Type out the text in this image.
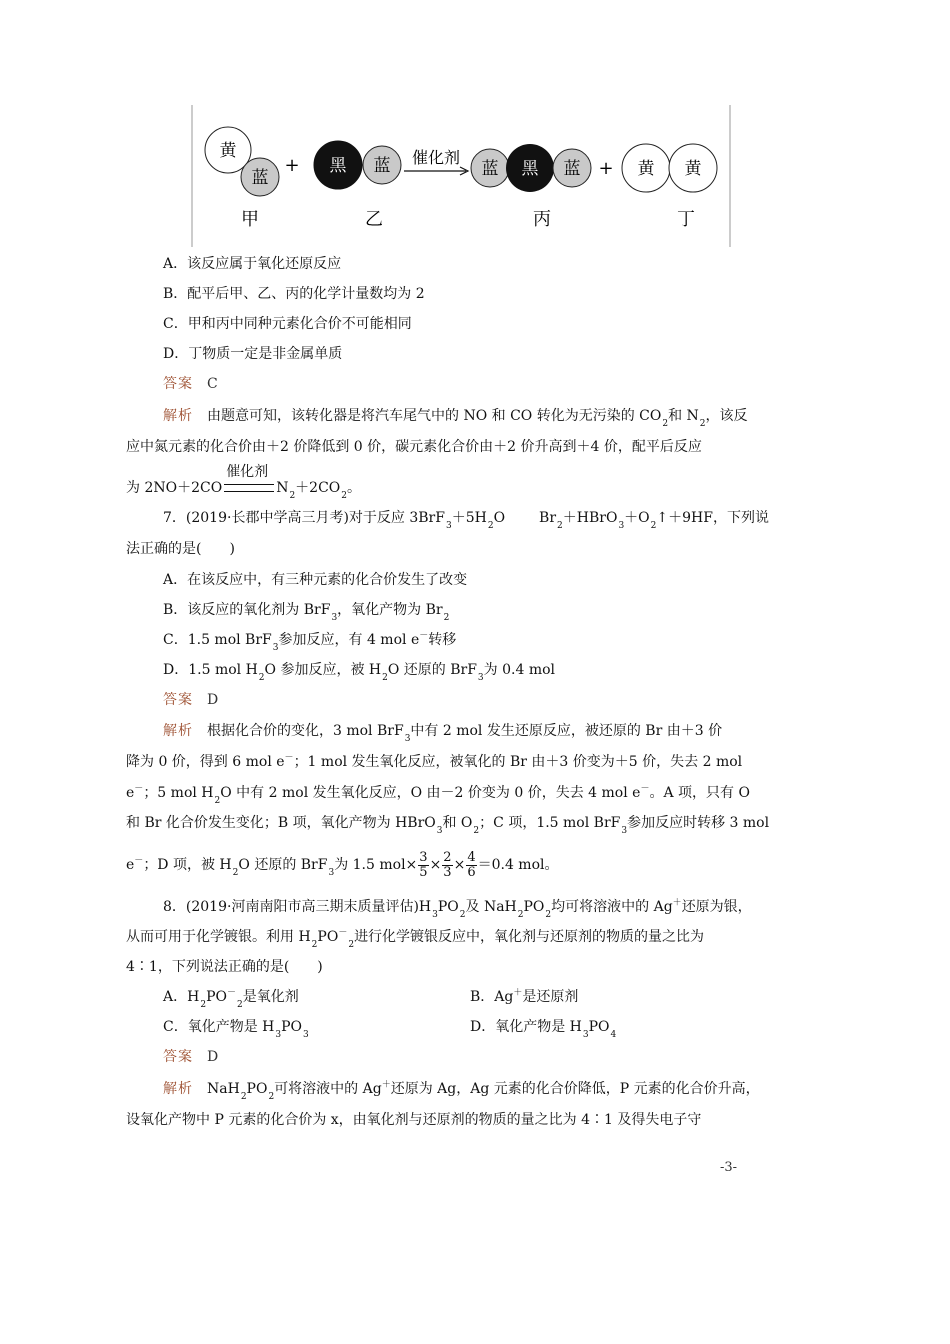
黄
蓝
+ 黑 蓝 催化剂
蓝 黑 蓝 + 黄 黄
甲	乙	丙	丁
A．该反应属于氧化还原反应
B．配平后甲、乙、丙的化学计量数均为 2
C．甲和丙中同种元素化合价不可能相同
D．丁物质一定是非金属单质
答案 C
解析 由题意可知，该转化器是将汽车尾气中的 NO 和 CO 转化为无污染的 $CO_2$和 $N_2$，该反
应中氮元素的化合价由＋2 价降低到 0 价，碳元素化合价由＋2 价升高到＋4 价，配平后反应
为 2NO＋2CO
催化剂
$N_2+2CO_2$。
7．(2019·长郡中学高三月考)对于反应 $3BrF_3+5H_2O$ $Br_2+HBrO_3+O_2↑+9HF$，下列说
法正确的是(　　)
A．在该反应中，有三种元素的化合价发生了改变
B．该反应的氧化剂为 BrF$_3$，氧化产物为 $Br_2$
C．1.5 mol BrF$_3$参加反应，有 4 mol e－转移
D．1.5 mol $H_2O$ 参加反应，被 $H_2O$ 还原的 BrF$_3$为 0.4 mol
答案 D
解析 根据化合价的变化，3 mol BrF$_3$中有 2 mol 发生还原反应，被还原的 Br 由＋3 价
降为 0 价，得到 6 mol e－；1 mol 发生氧化反应，被氧化的 Br 由＋3 价变为＋5 价，失去 2 mol
e－；5 mol $H_2O$ 中有 2 mol 发生氧化反应，O 由－2 价变为 0 价，失去 4 mol e－。A 项，只有 O
和 Br 化合价发生变化；B 项，氧化产物为 HBrO$_3$和 $O_2$；C 项，1.5 mol BrF$_3$参加反应时转移 3 mol
e－；D 项，被 $H_2O$ 还原的 BrF$_3$为 1.5 $mol\times \frac{3}{5} \times \frac{2}{3} \times \frac{4}{6} =0.4$ mol。
8．(2019·河南南阳市高三期末质量评估)$H_3PO_2$及 $NaH_2PO_2$均可将溶液中的 Ag＋还原为银，
从而可用于化学镀银。利用 $H_2PO^-_2$进行化学镀银反应中，氧化剂与还原剂的物质的量之比为
4∶1，下列说法正确的是(　　)
A．$H_2PO^-_2$是氧化剂	B．Ag＋是还原剂
C．氧化产物是 $H_3PO_3$	D．氧化产物是 $H_3PO_4$
答案 D
解析 $NaH_2PO_2$可将溶液中的 Ag＋还原为 Ag，Ag 元素的化合价降低，P 元素的化合价升高，
设氧化产物中 P 元素的化合价为 x，由氧化剂与还原剂的物质的量之比为 4∶1 及得失电子守
-3-
